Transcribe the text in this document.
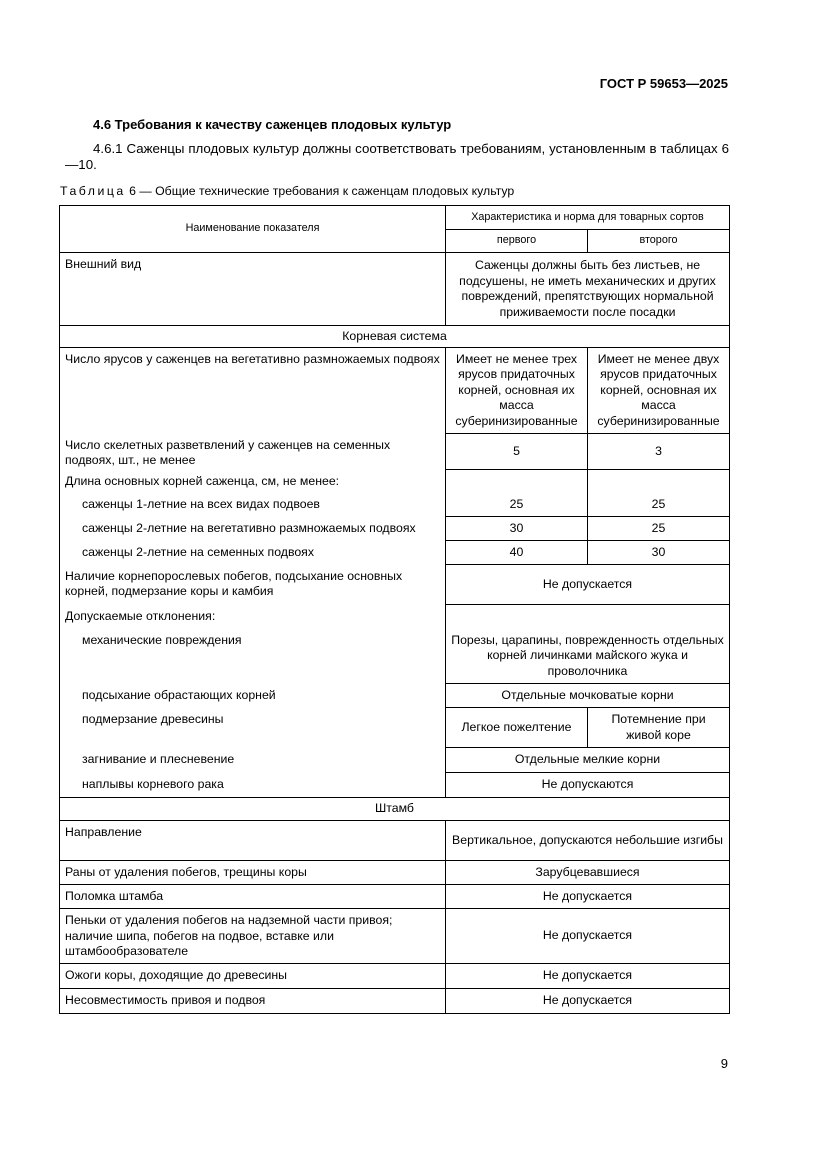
ГОСТ Р 59653—2025
4.6 Требования к качеству саженцев плодовых культур
4.6.1 Саженцы плодовых культур должны соответствовать требованиям, установленным в таблицах 6—10.
Таблица 6 — Общие технические требования к саженцам плодовых культур
Наименование показателя	Характеристика и норма для товарных сортов	
	первого	второго
Внешний вид	Саженцы должны быть без листьев, не подсушены, не иметь механических и других повреждений, препятствующих нормальной приживаемости после посадки	
Корневая система		
Число ярусов у саженцев на вегетативно размножаемых подвоях	Имеет не менее трех ярусов придаточных корней, основная их масса суберинизированные	Имеет не менее двух ярусов придаточных корней, основная их масса суберинизированные
Число скелетных разветвлений у саженцев на семенных подвоях, шт., не менее	5	3
Длина основных корней саженца, см, не менее:		
саженцы 1-летние на всех видах подвоев	25	25
саженцы 2-летние на вегетативно размножаемых подвоях	30	25
саженцы 2-летние на семенных подвоях	40	30
Наличие корнепорослевых побегов, подсыхание основных корней, подмерзание коры и камбия	Не допускается	
Допускаемые отклонения:		
механические повреждения	Порезы, царапины, поврежденность отдельных корней личинками майского жука и проволочника	
подсыхание обрастающих корней	Отдельные мочковатые корни	
подмерзание древесины	Легкое пожелтение	Потемнение при живой коре
загнивание и плесневение	Отдельные мелкие корни	
наплывы корневого рака	Не допускаются	
Штамб		
Направление	Вертикальное, допускаются небольшие изгибы	
Раны от удаления побегов, трещины коры	Зарубцевавшиеся	
Поломка штамба	Не допускается	
Пеньки от удаления побегов на надземной части привоя; наличие шипа, побегов на подвое, вставке или штамбообразователе	Не допускается	
Ожоги коры, доходящие до древесины	Не допускается	
Несовместимость привоя и подвоя	Не допускается	
9
